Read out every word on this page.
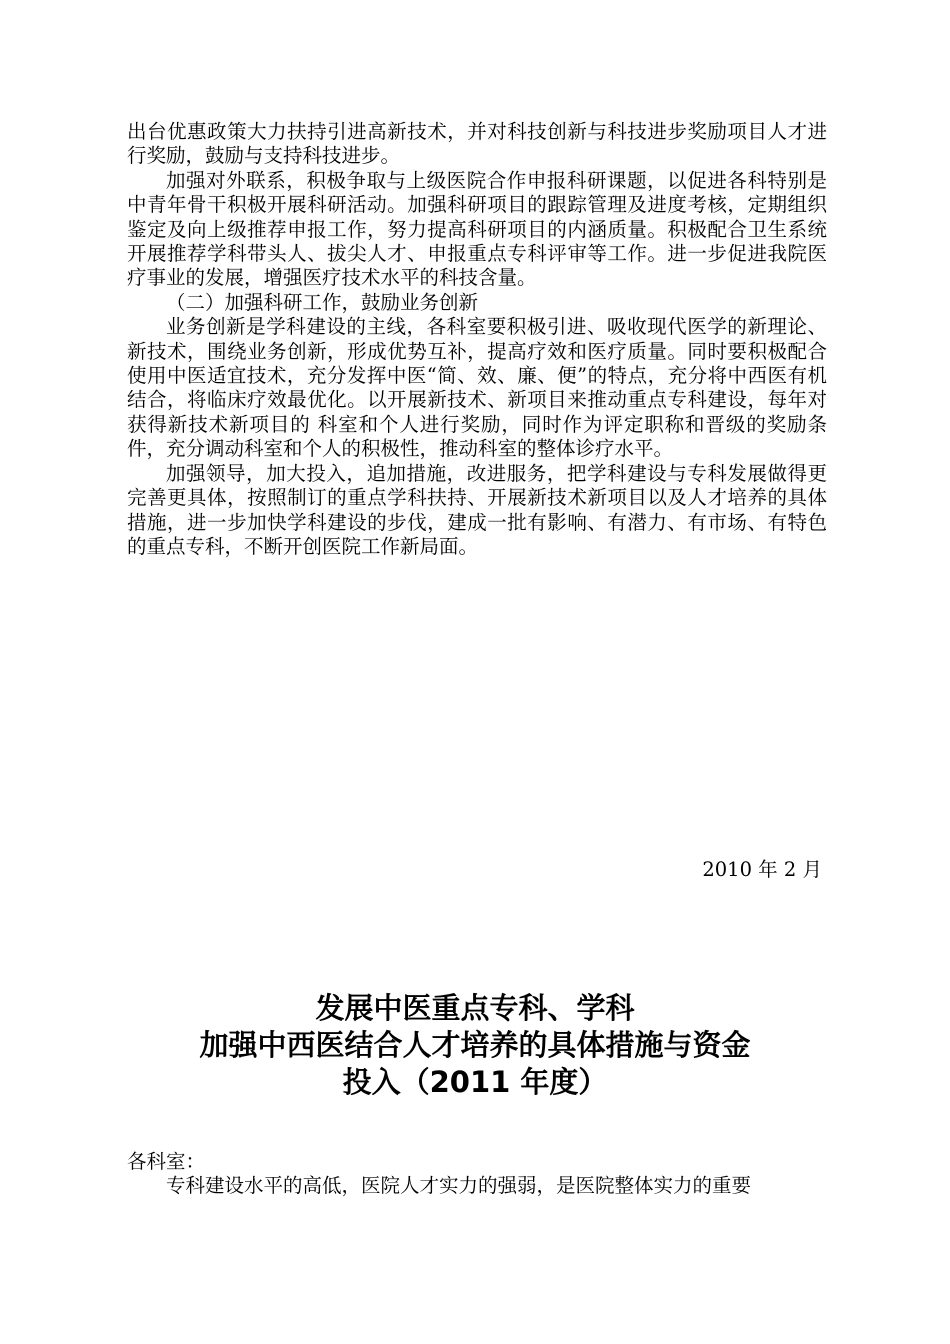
出台优惠政策大力扶持引进高新技术，并对科技创新与科技进步奖励项目人才进行奖励，鼓励与支持科技进步。

加强对外联系，积极争取与上级医院合作申报科研课题，以促进各科特别是中青年骨干积极开展科研活动。加强科研项目的跟踪管理及进度考核，定期组织鉴定及向上级推荐申报工作，努力提高科研项目的内涵质量。积极配合卫生系统开展推荐学科带头人、拔尖人才、申报重点专科评审等工作。进一步促进我院医疗事业的发展，增强医疗技术水平的科技含量。

（二）加强科研工作，鼓励业务创新

业务创新是学科建设的主线，各科室要积极引进、吸收现代医学的新理论、新技术，围绕业务创新，形成优势互补，提高疗效和医疗质量。同时要积极配合使用中医适宜技术，充分发挥中医“简、效、廉、便”的特点，充分将中西医有机结合，将临床疗效最优化。以开展新技术、新项目来推动重点专科建设，每年对获得新技术新项目的 科室和个人进行奖励，同时作为评定职称和晋级的奖励条件，充分调动科室和个人的积极性，推动科室的整体诊疗水平。

加强领导，加大投入，追加措施，改进服务，把学科建设与专科发展做得更完善更具体，按照制订的重点学科扶持、开展新技术新项目以及人才培养的具体措施，进一步加快学科建设的步伐，建成一批有影响、有潜力、有市场、有特色的重点专科，不断开创医院工作新局面。

2010 年 2 月
发展中医重点专科、学科
加强中西医结合人才培养的具体措施与资金
投入（2011 年度）

各科室：

专科建设水平的高低，医院人才实力的强弱，是医院整体实力的重要
